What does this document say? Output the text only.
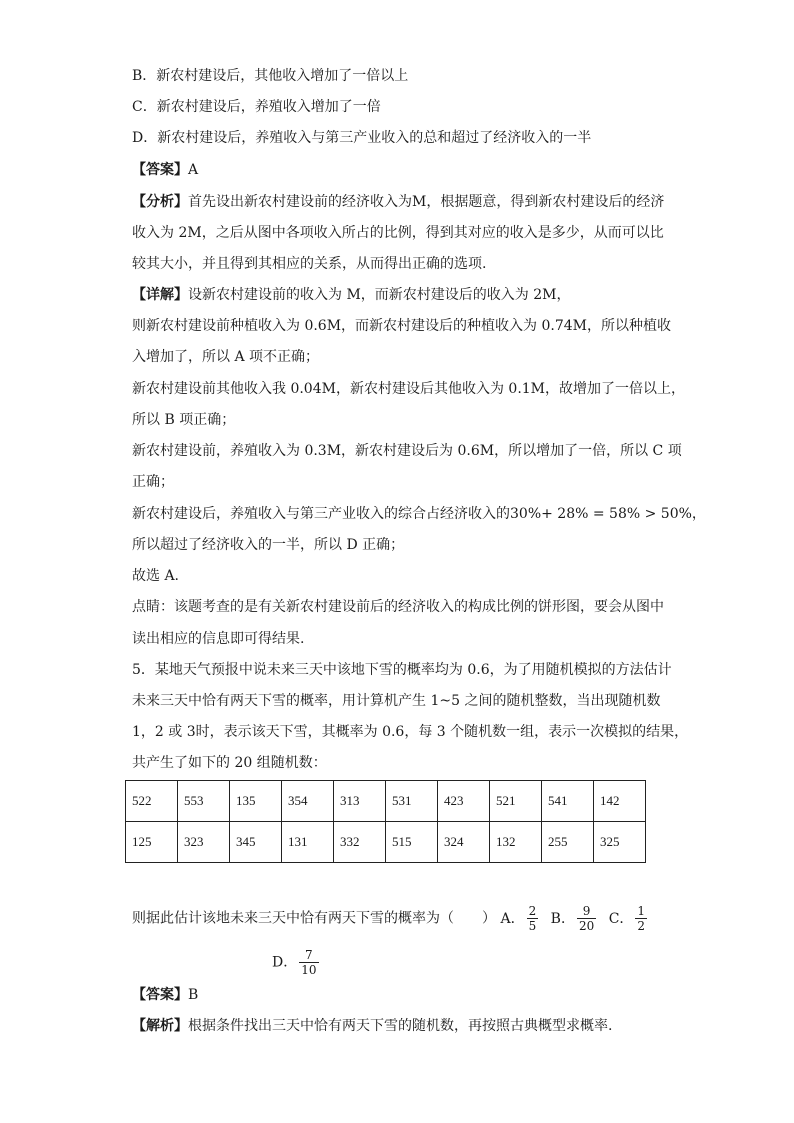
B．新农村建设后，其他收入增加了一倍以上
C．新农村建设后，养殖收入增加了一倍
D．新农村建设后，养殖收入与第三产业收入的总和超过了经济收入的一半
【答案】A
【分析】首先设出新农村建设前的经济收入为M，根据题意，得到新农村建设后的经济
收入为 2M，之后从图中各项收入所占的比例，得到其对应的收入是多少，从而可以比
较其大小，并且得到其相应的关系，从而得出正确的选项.
【详解】设新农村建设前的收入为 M，而新农村建设后的收入为 2M，
则新农村建设前种植收入为 0.6M，而新农村建设后的种植收入为 0.74M，所以种植收
入增加了，所以 A 项不正确；
新农村建设前其他收入我 0.04M，新农村建设后其他收入为 0.1M，故增加了一倍以上，
所以 B 项正确；
新农村建设前，养殖收入为 0.3M，新农村建设后为 0.6M，所以增加了一倍，所以 C 项
正确；
新农村建设后，养殖收入与第三产业收入的综合占经济收入的30%+ 28% = 58% > 50%，
所以超过了经济收入的一半，所以 D 正确；
故选 A.
点睛：该题考查的是有关新农村建设前后的经济收入的构成比例的饼形图，要会从图中
读出相应的信息即可得结果.
5．某地天气预报中说未来三天中该地下雪的概率均为 0.6，为了用随机模拟的方法估计
未来三天中恰有两天下雪的概率，用计算机产生 1~5 之间的随机整数，当出现随机数
1，2 或 3时，表示该天下雪，其概率为 0.6，每 3 个随机数一组，表示一次模拟的结果，
共产生了如下的 20 组随机数：
522	553	135	354	313	531	423	521	541	142
125	323	345	131	332	515	324	132	255	325
则据此估计该地未来三天中恰有两天下雪的概率为（　　） A． $\frac{2}{5}$ B． $\frac{9}{20}$ C． $\frac{1}{2}$
D． $\frac{7}{10}$
【答案】B
【解析】根据条件找出三天中恰有两天下雪的随机数，再按照古典概型求概率.
